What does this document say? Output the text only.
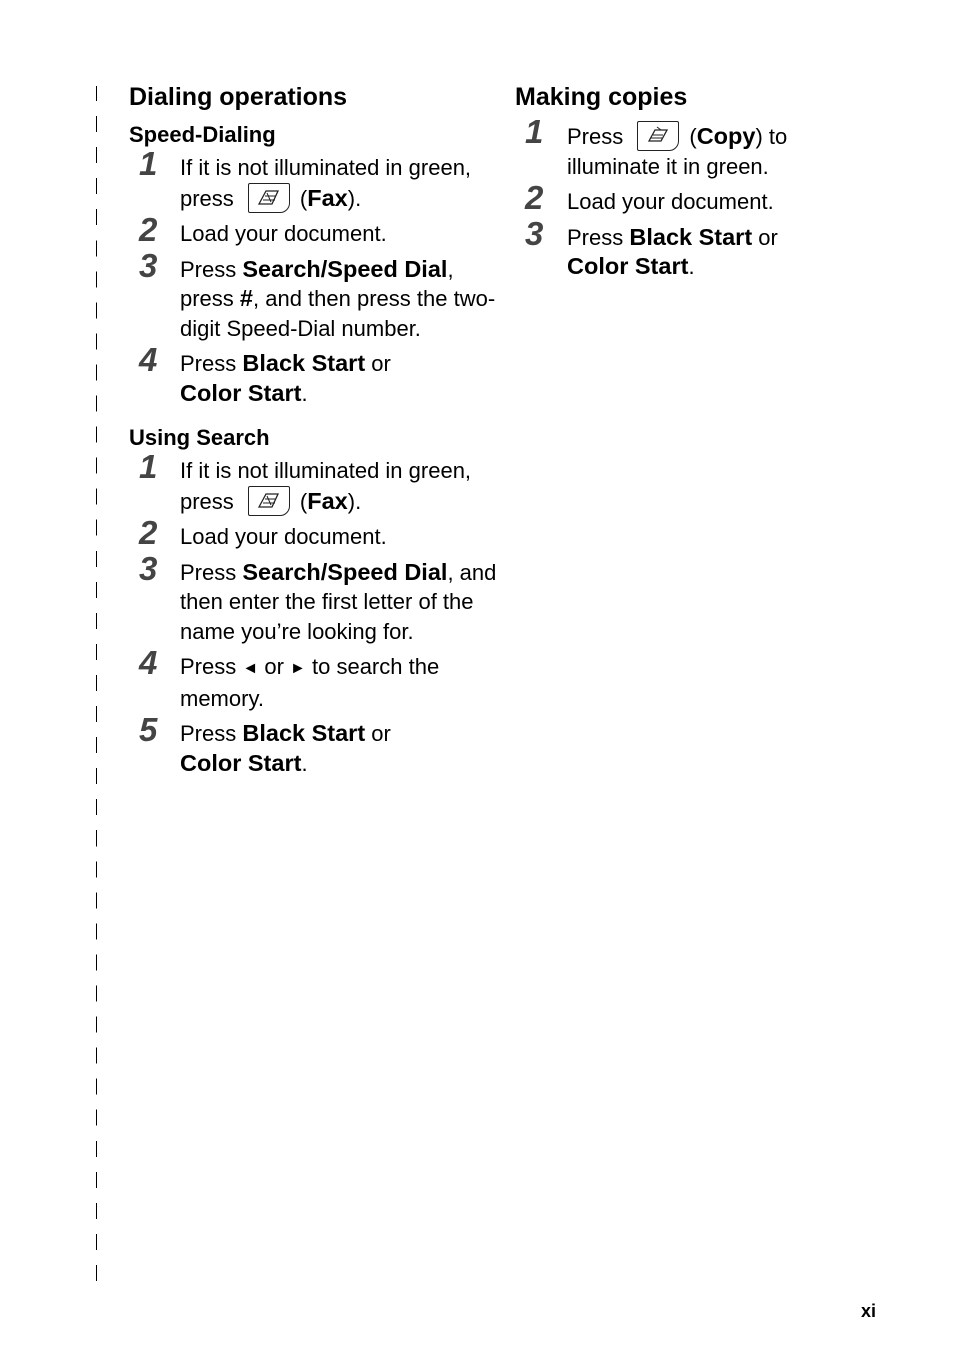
Dialing operations
Speed-Dialing
1 If it is not illuminated in green, press	(Fax).
2 Load your document.
3 Press Search/Speed Dial, press #, and then press the two-digit Speed-Dial number.
4 Press Black Start or
Color Start.
Using Search
1 If it is not illuminated in green, press	(Fax).
2 Load your document.
3 Press Search/Speed Dial, and then enter the first letter of the name you’re looking for.
4 Press ◄ or ► to search the memory.
5 Press Black Start or
Color Start.
Making copies
1 Press	(Copy) to illuminate it in green.
2 Load your document.
3 Press Black Start or
Color Start.
xi
